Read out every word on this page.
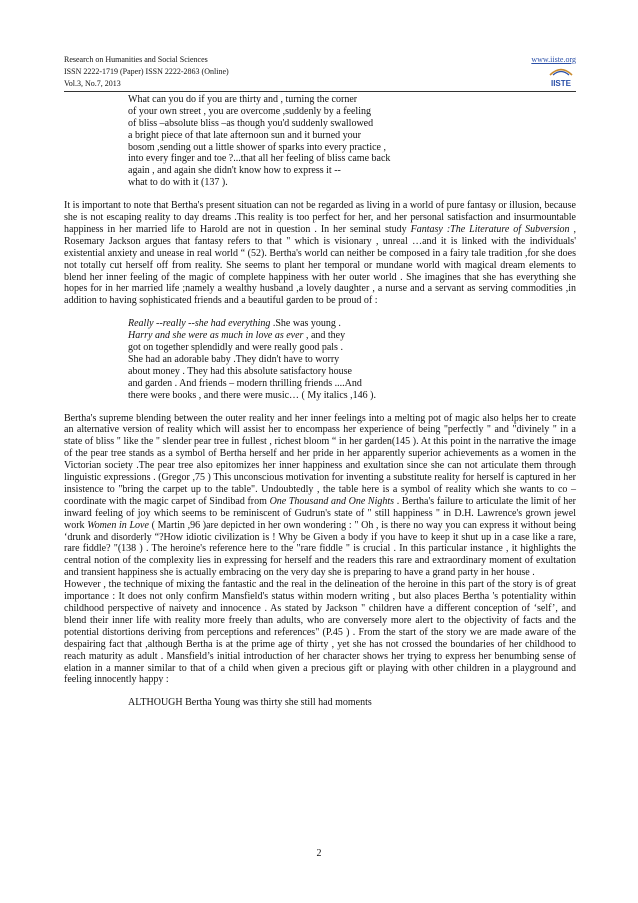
Research on Humanities and Social Sciences
ISSN 2222-1719 (Paper) ISSN 2222-2863 (Online)
Vol.3, No.7, 2013
www.iiste.org
IISTE
What can you do if you are thirty and , turning the corner
of your own street , you are overcome ,suddenly by a feeling
of bliss –absolute bliss –as though you'd suddenly swallowed
a bright piece of that late afternoon sun and it burned your
bosom ,sending out a little shower of sparks into every practice ,
into every finger and toe ?...that all her feeling of bliss came back
again , and again she didn't know how to express it --
what to do with it (137 ).

It is important to note that Bertha's present situation can not be regarded as living in a world of pure fantasy or illusion, because she is not escaping reality to day dreams .This reality is too perfect for her, and her personal satisfaction and insurmountable happiness in her married life to Harold are not in question . In her seminal study Fantasy :The Literature of Subversion , Rosemary Jackson argues that fantasy refers to that " which is visionary , unreal …and it is linked with the individuals' existential anxiety and unease in real world “ (52). Bertha's world can neither be composed in a fairy tale tradition ,for she does not totally cut herself off from reality. She seems to plant her temporal or mundane world with magical dream elements to blend her inner feeling of the magic of complete happiness with her outer world . She imagines that she has everything she hopes for in her married life ;namely a wealthy husband ,a lovely daughter , a nurse and a servant as serving commodities ,in addition to having sophisticated friends and a beautiful garden to be proud of :

Really --really --she had everything .She was young .
Harry and she were as much in love as ever , and they
got on together splendidly and were really good pals .
She had an adorable baby .They didn't have to worry
about money . They had this absolute satisfactory house
and garden . And friends – modern thrilling friends ....And
there were books , and there were music… ( My italics ,146 ).

Bertha's supreme blending between the outer reality and her inner feelings into a melting pot of magic also helps her to create an alternative version of reality which will assist her to encompass her experience of being "perfectly " and "divinely " in a state of bliss " like the " slender pear tree in fullest , richest bloom “ in her garden(145 ). At this point in the narrative the image of the pear tree stands as a symbol of Bertha herself and her pride in her apparently superior achievements as a women in the Victorian society .The pear tree also epitomizes her inner happiness and exultation since she can not articulate them through linguistic expressions . (Gregor ,75 ) This unconscious motivation for inventing a substitute reality for herself is captured in her insistence to "bring the carpet up to the table". Undoubtedly , the table here is a symbol of reality which she wants to co –coordinate with the magic carpet of Sindibad from One Thousand and One Nights . Bertha's failure to articulate the limit of her inward feeling of joy which seems to be reminiscent of Gudrun's state of " still happiness " in D.H. Lawrence's grown jewel work Women in Love ( Martin ,96 )are depicted in her own wondering : " Oh , is there no way you can express it without being ‘drunk and disorderly “?How idiotic civilization is ! Why be Given a body if you have to keep it shut up in a case like a rare, rare fiddle? "(138 ) . The heroine's reference here to the "rare fiddle " is crucial . In this particular instance , it highlights the central notion of the complexity lies in expressing for herself and the readers this rare and extraordinary moment of exultation and transient happiness she is actually embracing on the very day she is preparing to have a grand party in her house .

However , the technique of mixing the fantastic and the real in the delineation of the heroine in this part of the story is of great importance : It does not only confirm Mansfield's status within modern writing , but also places Bertha 's potentiality within childhood perspective of naivety and innocence . As stated by Jackson " children have a different conception of ‘self’, and blend their inner life with reality more freely than adults, who are conversely more alert to the objectivity of facts and the potential distortions deriving from perceptions and references" (P.45 ) . From the start of the story we are made aware of the despairing fact that ,although Bertha is at the prime age of thirty , yet she has not crossed the boundaries of her childhood to reach maturity as adult . Mansfield’s initial introduction of her character shows her trying to express her benumbing sense of elation in a manner similar to that of a child when given a precious gift or playing with other children in a playground and feeling innocently happy :

ALTHOUGH Bertha Young was thirty she still had moments
2
